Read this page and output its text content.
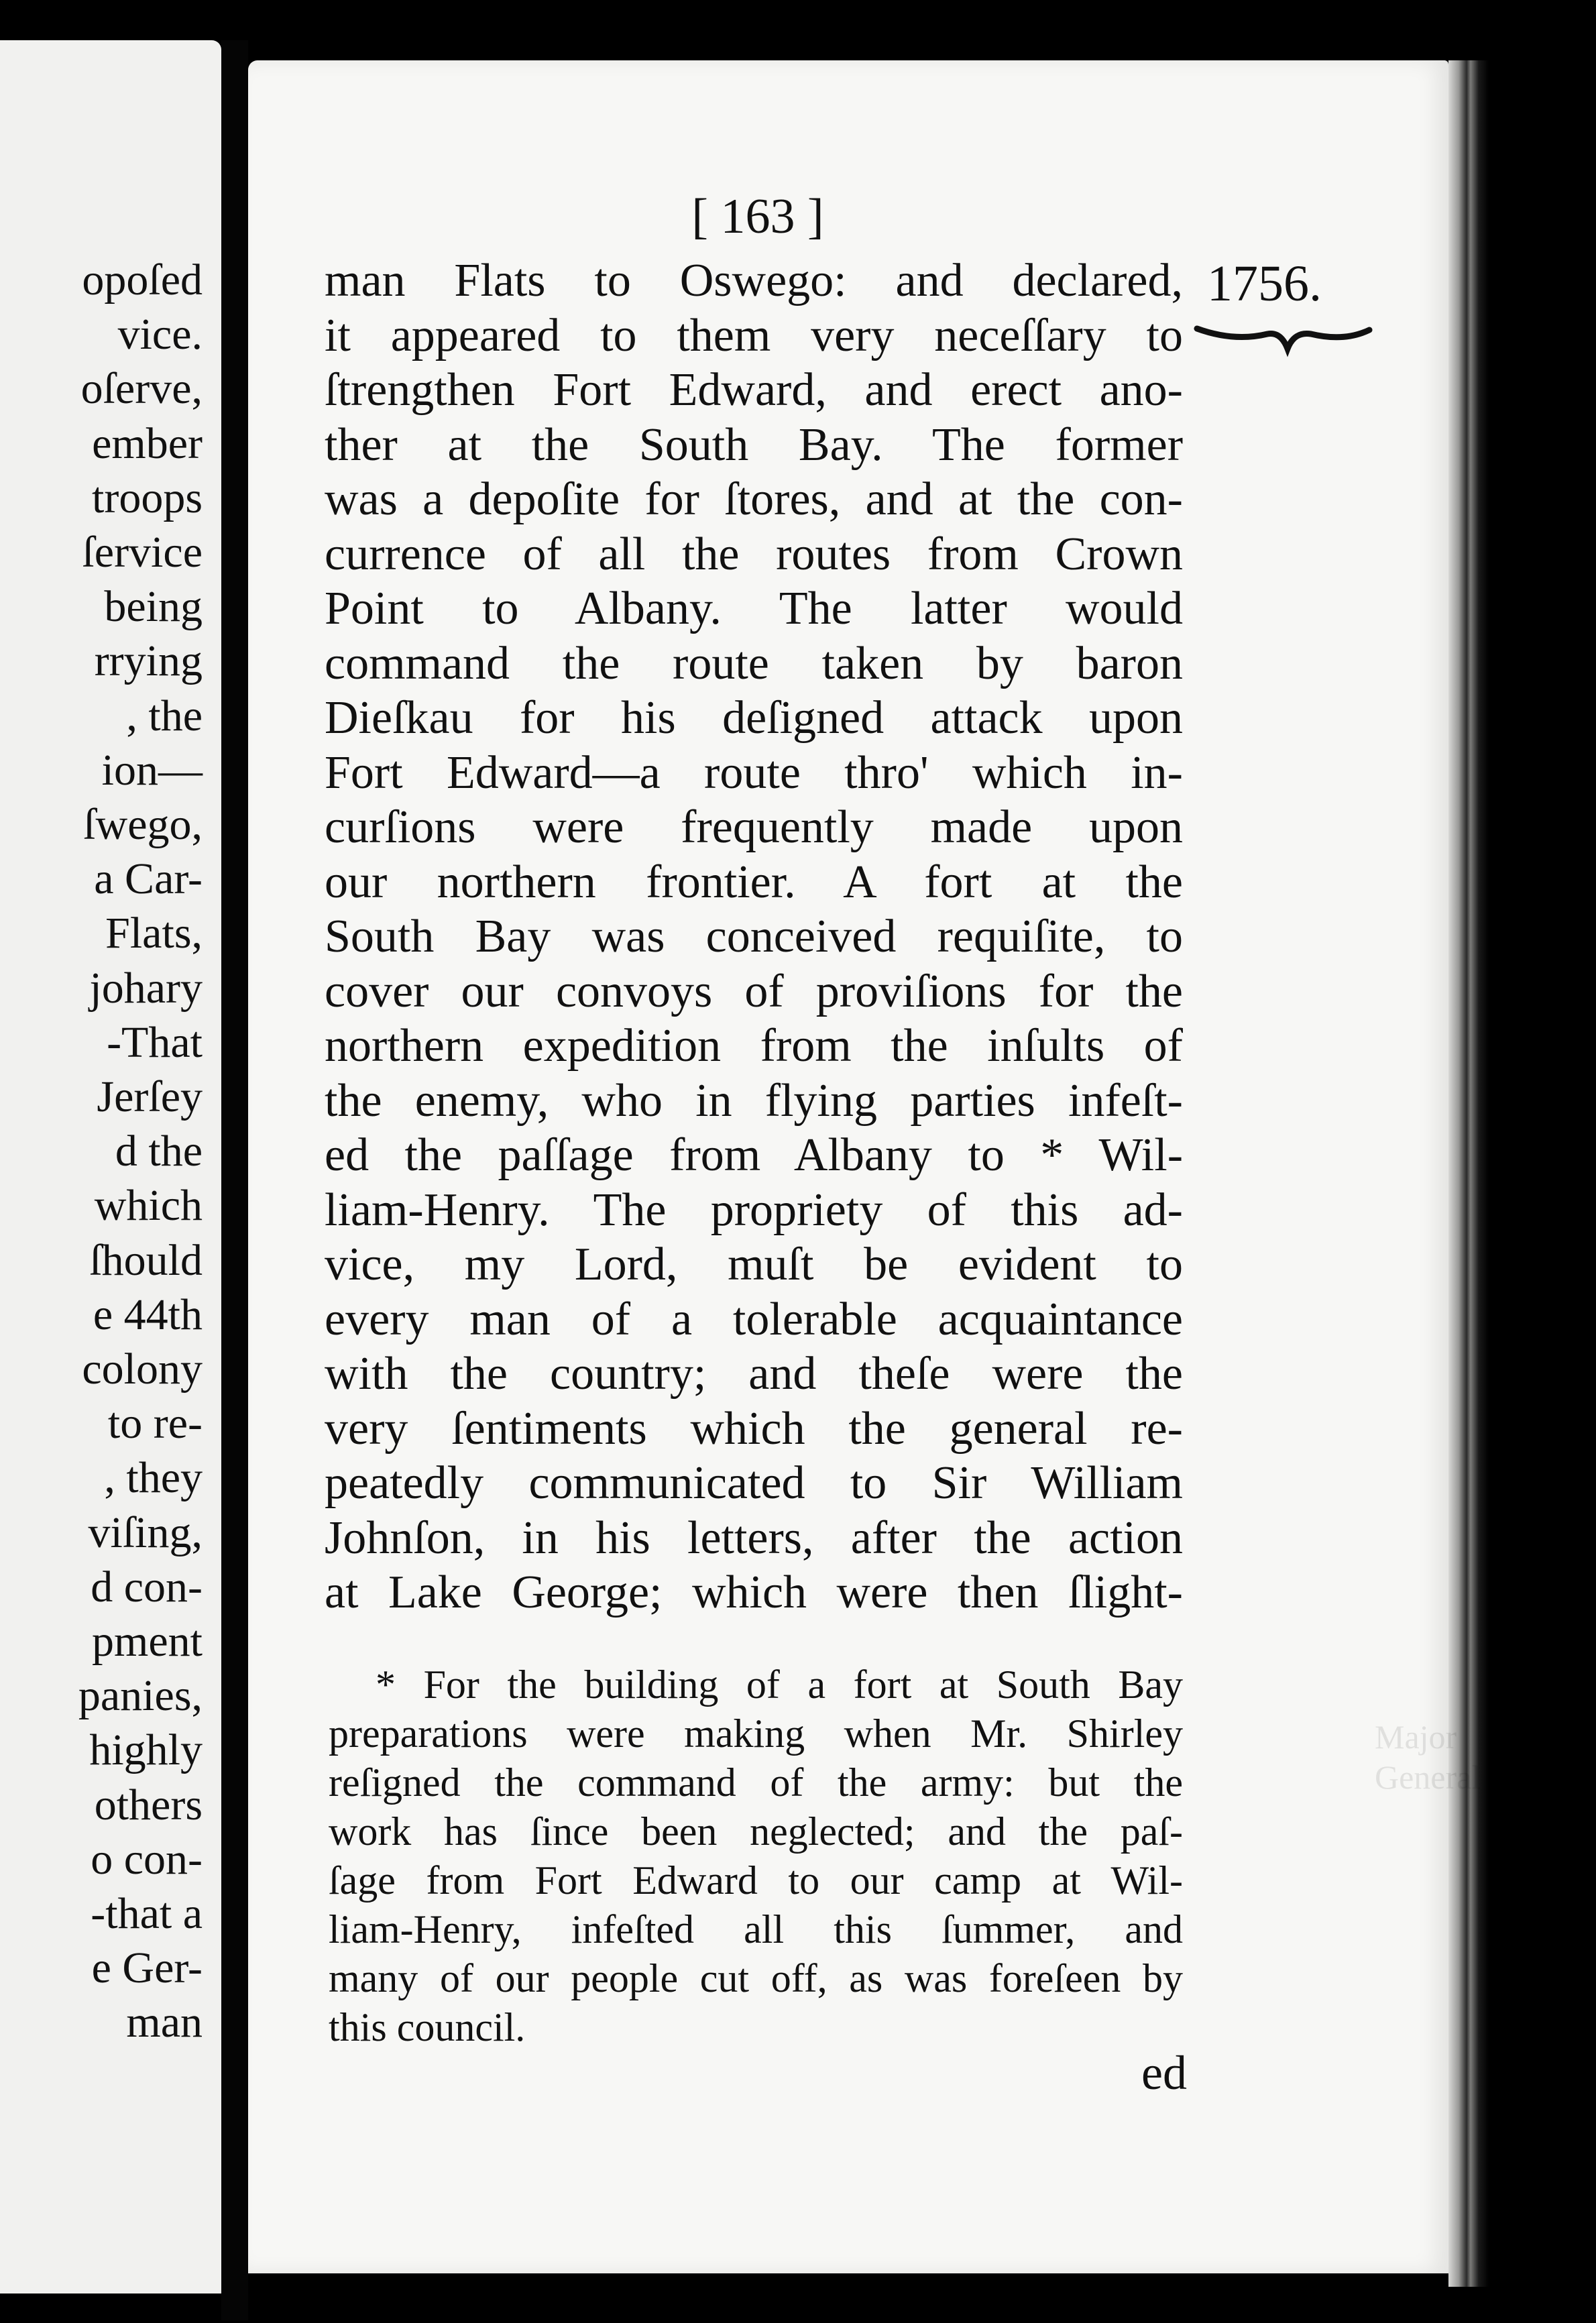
opoſed
vice.
oſerve,
ember
troops
ſervice
being
rrying
, the
ion—
ſwego,
a Car-
Flats,
johary
-That
Jerſey
d the
which
ſhould
e 44th
colony
to re-
, they
viſing,
d con-
pment
panies,
highly
others
o con-
-that a
e Ger-
man
Major
General
[ 163 ]
1756.
man Flats to Oswego: and declared,
it appeared to them very neceſſary to
ſtrengthen Fort Edward, and erect ano-
ther at the South Bay. The former
was a depoſite for ſtores, and at the con-
currence of all the routes from Crown
Point to Albany. The latter would
command the route taken by baron
Dieſkau for his deſigned attack upon
Fort Edward—a route thro' which in-
curſions were frequently made upon
our northern frontier. A fort at the
South Bay was conceived requiſite, to
cover our convoys of proviſions for the
northern expedition from the inſults of
the enemy, who in flying parties infeſt-
ed the paſſage from Albany to * Wil-
liam-Henry. The propriety of this ad-
vice, my Lord, muſt be evident to
every man of a tolerable acquaintance
with the country; and theſe were the
very ſentiments which the general re-
peatedly communicated to Sir William
Johnſon, in his letters, after the action
at Lake George; which were then ſlight-
* For the building of a fort at South Bay
preparations were making when Mr. Shirley
reſigned the command of the army: but the
work has ſince been neglected; and the paſ-
ſage from Fort Edward to our camp at Wil-
liam-Henry, infeſted all this ſummer, and
many of our people cut off, as was foreſeen by
this council.
ed
